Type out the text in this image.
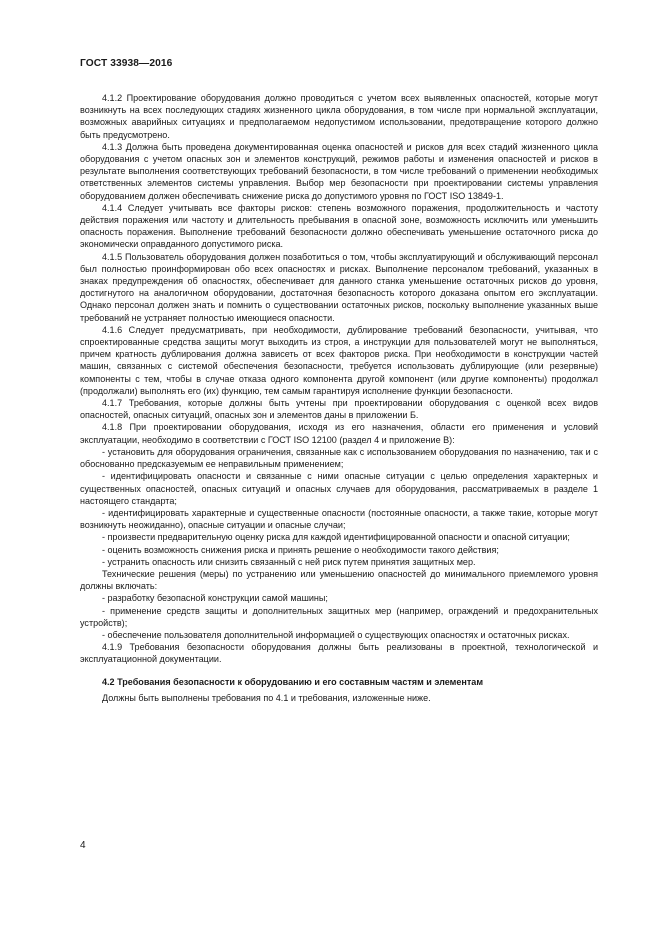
ГОСТ 33938—2016

4.1.2 Проектирование оборудования должно проводиться с учетом всех выявленных опасностей, которые могут возникнуть на всех последующих стадиях жизненного цикла оборудования, в том числе при нормальной эксплуатации, возможных аварийных ситуациях и предполагаемом недопустимом использовании, предотвращение которого должно быть предусмотрено.

4.1.3 Должна быть проведена документированная оценка опасностей и рисков для всех стадий жизненного цикла оборудования с учетом опасных зон и элементов конструкций, режимов работы и изменения опасностей и рисков в результате выполнения соответствующих требований безопасности, в том числе требований о применении необходимых ответственных элементов системы управления. Выбор мер безопасности при проектировании системы управления оборудованием должен обеспечивать снижение риска до допустимого уровня по ГОСТ ISO 13849-1.

4.1.4 Следует учитывать все факторы рисков: степень возможного поражения, продолжительность и частоту действия поражения или частоту и длительность пребывания в опасной зоне, возможность исключить или уменьшить опасность поражения. Выполнение требований безопасности должно обеспечивать уменьшение остаточного риска до экономически оправданного допустимого риска.

4.1.5 Пользователь оборудования должен позаботиться о том, чтобы эксплуатирующий и обслуживающий персонал был полностью проинформирован обо всех опасностях и рисках. Выполнение персоналом требований, указанных в знаках предупреждения об опасностях, обеспечивает для данного станка уменьшение остаточных рисков до уровня, достигнутого на аналогичном оборудовании, достаточная безопасность которого доказана опытом его эксплуатации. Однако персонал должен знать и помнить о существовании остаточных рисков, поскольку выполнение указанных выше требований не устраняет полностью имеющиеся опасности.

4.1.6 Следует предусматривать, при необходимости, дублирование требований безопасности, учитывая, что спроектированные средства защиты могут выходить из строя, а инструкции для пользователей могут не выполняться, причем кратность дублирования должна зависеть от всех факторов риска. При необходимости в конструкции частей машин, связанных с системой обеспечения безопасности, требуется использовать дублирующие (или резервные) компоненты с тем, чтобы в случае отказа одного компонента другой компонент (или другие компоненты) продолжал (продолжали) выполнять его (их) функцию, тем самым гарантируя исполнение функции безопасности.

4.1.7 Требования, которые должны быть учтены при проектировании оборудования с оценкой всех видов опасностей, опасных ситуаций, опасных зон и элементов даны в приложении Б.

4.1.8 При проектировании оборудования, исходя из его назначения, области его применения и условий эксплуатации, необходимо в соответствии с ГОСТ ISO 12100 (раздел 4 и приложение В):

- установить для оборудования ограничения, связанные как с использованием оборудования по назначению, так и с обоснованно предсказуемым ее неправильным применением;

- идентифицировать опасности и связанные с ними опасные ситуации с целью определения характерных и существенных опасностей, опасных ситуаций и опасных случаев для оборудования, рассматриваемых в разделе 1 настоящего стандарта;

- идентифицировать характерные и существенные опасности (постоянные опасности, а также такие, которые могут возникнуть неожиданно), опасные ситуации и опасные случаи;

- произвести предварительную оценку риска для каждой идентифицированной опасности и опасной ситуации;

- оценить возможность снижения риска и принять решение о необходимости такого действия;

- устранить опасность или снизить связанный с ней риск путем принятия защитных мер.

Технические решения (меры) по устранению или уменьшению опасностей до минимального приемлемого уровня должны включать:

- разработку безопасной конструкции самой машины;

- применение средств защиты и дополнительных защитных мер (например, ограждений и предохранительных устройств);

- обеспечение пользователя дополнительной информацией о существующих опасностях и остаточных рисках.

4.1.9 Требования безопасности оборудования должны быть реализованы в проектной, технологической и эксплуатационной документации.

4.2 Требования безопасности к оборудованию и его составным частям и элементам

Должны быть выполнены требования по 4.1 и требования, изложенные ниже.

4
